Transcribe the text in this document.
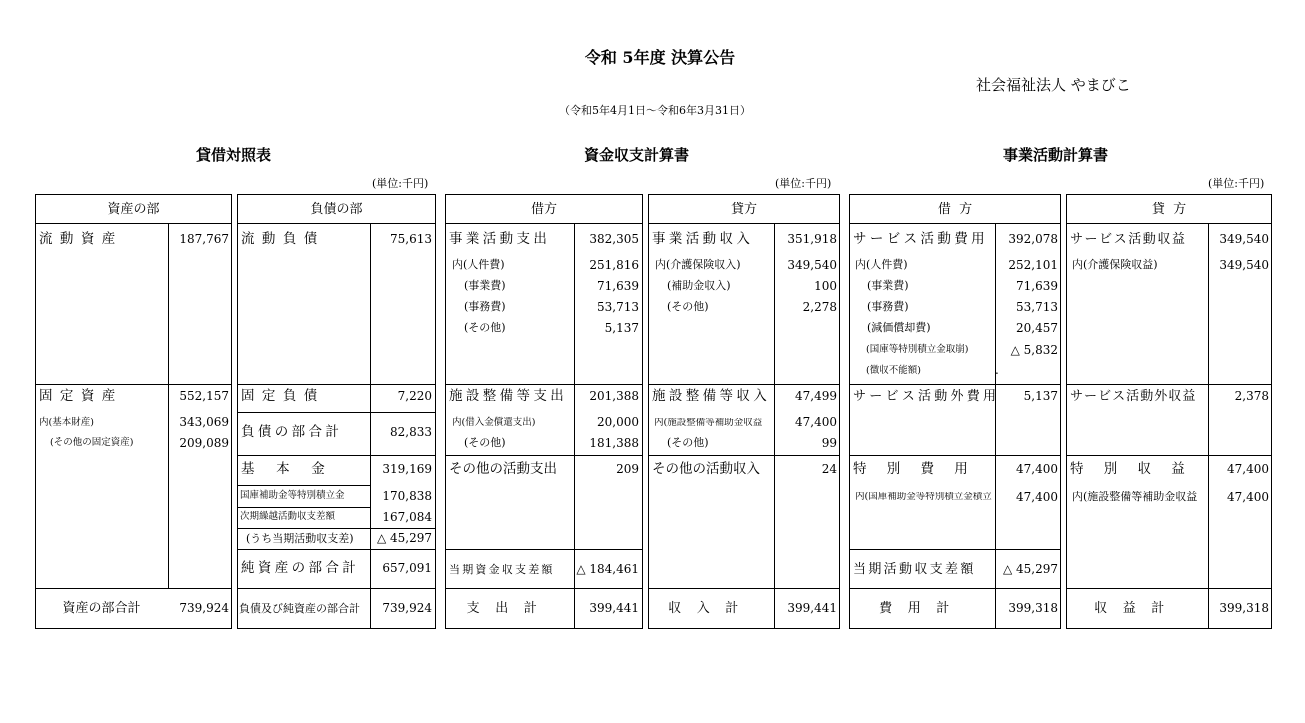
令和 5年度 決算公告
社会福祉法人 やまびこ
（令和5年4月1日～令和6年3月31日）
貸借対照表	資金収支計算書	事業活動計算書
(単位:千円)	(単位:千円)	(単位:千円)
資産の部
流動資産	187,767
固定資産	552,157
内(基本財産)	343,069
(その他の固定資産)	209,089
資産の部合計	739,924
負債の部
流動負債	75,613
固定負債	7,220
負債の部合計	82,833
基本金	319,169
国庫補助金等特別積立金	170,838
次期繰越活動収支差額	167,084
(うち当期活動収支差)	△ 45,297
純資産の部合計	657,091
負債及び純資産の部合計	739,924
借方
事業活動支出	382,305
内(人件費)	251,816
(事業費)	71,639
(事務費)	53,713
(その他)	5,137
施設整備等支出	201,388
内(借入金償還支出)	20,000
(その他)	181,388
その他の活動支出	209
当期資金収支差額 △ 184,461
支出計	399,441
貸方
事業活動収入	351,918
内(介護保険収入)	349,540
(補助金収入)	100
(その他)	2,278
施設整備等収入	47,499
内(施設整備等補助金収益	47,400
(その他)	99
その他の活動収入	24
収入計	399,441
借  方
サービス活動費用	392,078
内(人件費)	252,101
(事業費)	71,639
(事務費)	53,713
(減価償却費)	20,457
(国庫等特別積立金取崩)	△ 5,832
(徴収不能額)	.
サービス活動外費用	5,137
特別費用	47,400
内(国庫補助金等特別積立金積立	47,400
当期活動収支差額	△ 45,297
費用計	399,318
貸  方
サービス活動収益	349,540
内(介護保険収益)	349,540
サービス活動外収益	2,378
特別収益	47,400
内(施設整備等補助金収益	47,400
収益計	399,318
